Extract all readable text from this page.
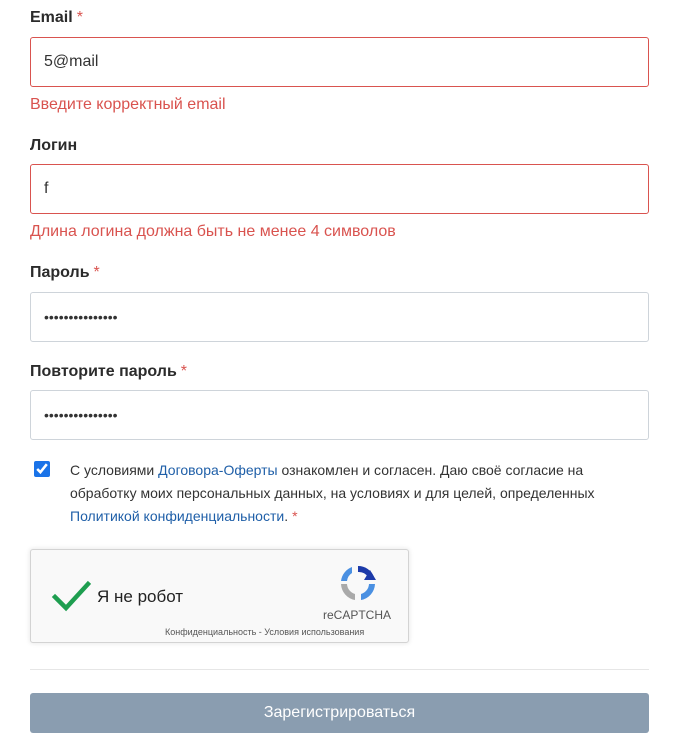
Email *
5@mail
Введите корректный email
Логин
f
Длина логина должна быть не менее 4 символов
Пароль *
•••••••••••••••
Повторите пароль *
•••••••••••••••
С условиями Договора-Оферты ознакомлен и согласен. Даю своё согласие на обработку моих персональных данных, на условиях и для целей, определенных Политикой конфиденциальности. *
Я не робот
reCAPTCHA
Конфиденциальность - Условия использования
Зарегистрироваться
